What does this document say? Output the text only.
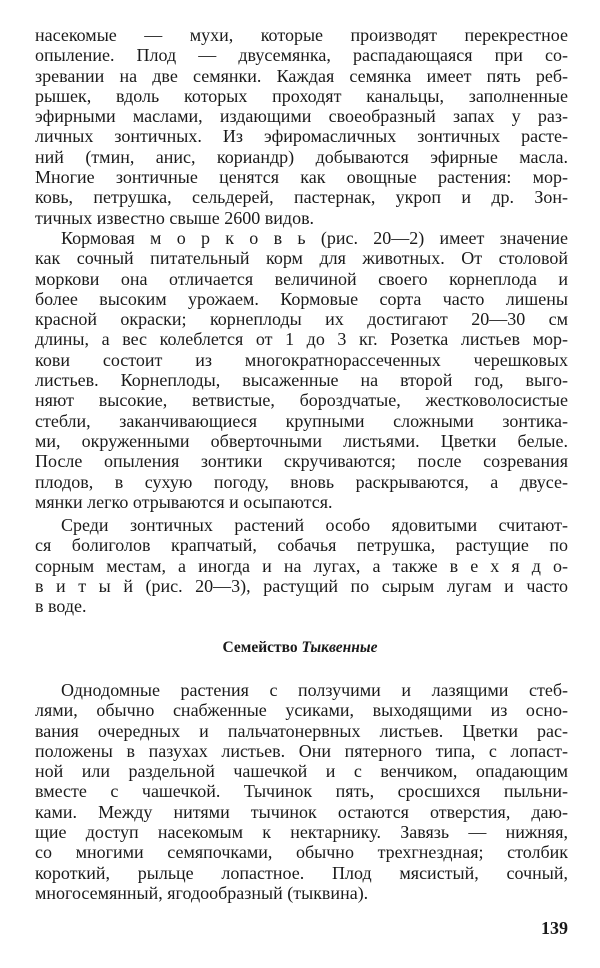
насекомые — мухи, которые производят перекрестное
опыление. Плод — двусемянка, распадающаяся при со-
зревании на две семянки. Каждая семянка имеет пять реб-
рышек, вдоль которых проходят канальцы, заполненные
эфирными маслами, издающими своеобразный запах у раз-
личных зонтичных. Из эфиромасличных зонтичных расте-
ний (тмин, анис, кориандр) добываются эфирные масла.
Многие зонтичные ценятся как овощные растения: мор-
ковь, петрушка, сельдерей, пастернак, укроп и др. Зон-
тичных известно свыше 2600 видов.
Кормовая м о р к о в ь (рис. 20—2) имеет значение
как сочный питательный корм для животных. От столовой
моркови она отличается величиной своего корнеплода и
более высоким урожаем. Кормовые сорта часто лишены
красной окраски; корнеплоды их достигают 20—30 см
длины, а вес колеблется от 1 до 3 кг. Розетка листьев мор-
кови состоит из многократнорассеченных черешковых
листьев. Корнеплоды, высаженные на второй год, выго-
няют высокие, ветвистые, бороздчатые, жестковолосистые
стебли, заканчивающиеся крупными сложными зонтика-
ми, окруженными обверточными листьями. Цветки белые.
После опыления зонтики скручиваются; после созревания
плодов, в сухую погоду, вновь раскрываются, а двусе-
мянки легко отрываются и осыпаются.
Среди зонтичных растений особо ядовитыми считают-
ся болиголов крапчатый, собачья петрушка, растущие по
сорным местам, а иногда и на лугах, а также в е х я д о-
в и т ы й (рис. 20—3), растущий по сырым лугам и часто
в воде.
Семейство Тыквенные
Однодомные растения с ползучими и лазящими стеб-
лями, обычно снабженные усиками, выходящими из осно-
вания очередных и пальчатонервных листьев. Цветки рас-
положены в пазухах листьев. Они пятерного типа, с лопаст-
ной или раздельной чашечкой и с венчиком, опадающим
вместе с чашечкой. Тычинок пять, сросшихся пыльни-
ками. Между нитями тычинок остаются отверстия, даю-
щие доступ насекомым к нектарнику. Завязь — нижняя,
со многими семяпочками, обычно трехгнездная; столбик
короткий, рыльце лопастное. Плод мясистый, сочный,
многосемянный, ягодообразный (тыквина).
139
